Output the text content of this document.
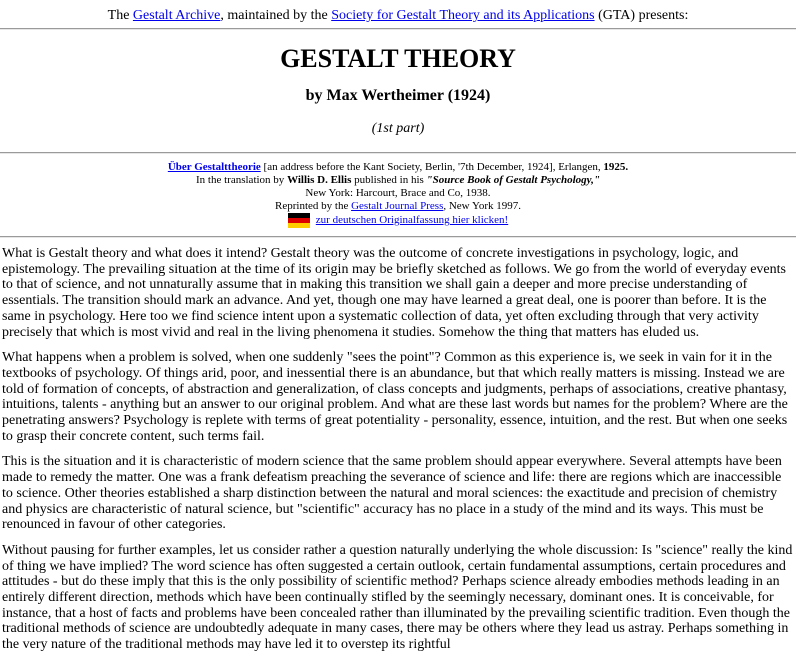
The Gestalt Archive, maintained by the Society for Gestalt Theory and its Applications (GTA) presents:
GESTALT THEORY
by Max Wertheimer (1924)
(1st part)
Über Gestalttheorie [an address before the Kant Society, Berlin, '7th December, 1924], Erlangen, 1925.
In the translation by Willis D. Ellis published in his "Source Book of Gestalt Psychology,"
New York: Harcourt, Brace and Co, 1938.
Reprinted by the Gestalt Journal Press, New York 1997.
zur deutschen Originalfassung hier klicken!

What is Gestalt theory and what does it intend? Gestalt theory was the outcome of concrete investigations in psychology, logic, and epistemology. The prevailing situation at the time of its origin may be briefly sketched as follows. We go from the world of everyday events to that of science, and not unnaturally assume that in making this transition we shall gain a deeper and more precise understanding of essentials. The transition should mark an advance. And yet, though one may have learned a great deal, one is poorer than before. It is the same in psychology. Here too we find science intent upon a systematic collection of data, yet often excluding through that very activity precisely that which is most vivid and real in the living phenomena it studies. Somehow the thing that matters has eluded us.

What happens when a problem is solved, when one suddenly "sees the point"? Common as this experience is, we seek in vain for it in the textbooks of psychology. Of things arid, poor, and inessential there is an abundance, but that which really matters is missing. Instead we are told of formation of concepts, of abstraction and generalization, of class concepts and judgments, perhaps of associations, creative phantasy, intuitions, talents - anything but an answer to our original problem. And what are these last words but names for the problem? Where are the penetrating answers? Psychology is replete with terms of great potentiality - personality, essence, intuition, and the rest. But when one seeks to grasp their concrete content, such terms fail.

This is the situation and it is characteristic of modern science that the same problem should appear everywhere. Several attempts have been made to remedy the matter. One was a frank defeatism preaching the severance of science and life: there are regions which are inaccessible to science. Other theories established a sharp distinction between the natural and moral sciences: the exactitude and precision of chemistry and physics are characteristic of natural science, but "scientific" accuracy has no place in a study of the mind and its ways. This must be renounced in favour of other categories.

Without pausing for further examples, let us consider rather a question naturally underlying the whole discussion: Is "science" really the kind of thing we have implied? The word science has often suggested a certain outlook, certain fundamental assumptions, certain procedures and attitudes - but do these imply that this is the only possibility of scientific method? Perhaps science already embodies methods leading in an entirely different direction, methods which have been continually stifled by the seemingly necessary, dominant ones. It is conceivable, for instance, that a host of facts and problems have been concealed rather than illuminated by the prevailing scientific tradition. Even though the traditional methods of science are undoubtedly adequate in many cases, there may be others where they lead us astray. Perhaps something in the very nature of the traditional methods may have led it to overstep its rightful
